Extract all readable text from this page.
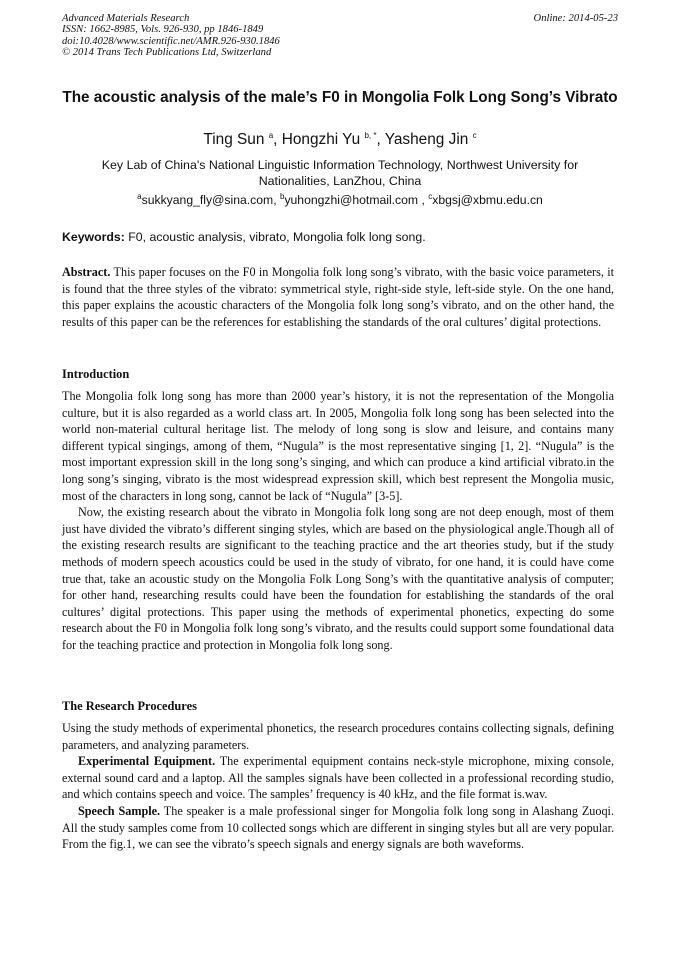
Advanced Materials Research	Online: 2014-05-23
ISSN: 1662-8985, Vols. 926-930, pp 1846-1849
doi:10.4028/www.scientific.net/AMR.926-930.1846
© 2014 Trans Tech Publications Ltd, Switzerland
The acoustic analysis of the male’s F0 in Mongolia Folk Long Song’s Vibrato
Ting Sun $^a$, Hongzhi Yu $^{b, *}$, Yasheng Jin $^c$
Key Lab of China's National Linguistic Information Technology, Northwest University for Nationalities, LanZhou, China
$^a$sukkyang_fly@sina.com, $^b$yuhongzhi@hotmail.com , $^c$xbgsj@xbmu.edu.cn
Keywords: F0, acoustic analysis, vibrato, Mongolia folk long song.

Abstract. This paper focuses on the F0 in Mongolia folk long song’s vibrato, with the basic voice parameters, it is found that the three styles of the vibrato: symmetrical style, right-side style, left-side style. On the one hand, this paper explains the acoustic characters of the Mongolia folk long song’s vibrato, and on the other hand, the results of this paper can be the references for establishing the standards of the oral cultures’ digital protections.

Introduction

The Mongolia folk long song has more than 2000 year’s history, it is not the representation of the Mongolia culture, but it is also regarded as a world class art. In 2005, Mongolia folk long song has been selected into the world non-material cultural heritage list. The melody of long song is slow and leisure, and contains many different typical singings, among of them, “Nugula” is the most representative singing [1, 2]. “Nugula” is the most important expression skill in the long song’s singing, and which can produce a kind artificial vibrato.in the long song’s singing, vibrato is the most widespread expression skill, which best represent the Mongolia music, most of the characters in long song, cannot be lack of “Nugula” [3-5].

Now, the existing research about the vibrato in Mongolia folk long song are not deep enough, most of them just have divided the vibrato’s different singing styles, which are based on the physiological angle.Though all of the existing research results are significant to the teaching practice and the art theories study, but if the study methods of modern speech acoustics could be used in the study of vibrato, for one hand, it is could have come true that, take an acoustic study on the Mongolia Folk Long Song’s with the quantitative analysis of computer; for other hand, researching results could have been the foundation for establishing the standards of the oral cultures’ digital protections. This paper using the methods of experimental phonetics, expecting do some research about the F0 in Mongolia folk long song’s vibrato, and the results could support some foundational data for the teaching practice and protection in Mongolia folk long song.

The Research Procedures

Using the study methods of experimental phonetics, the research procedures contains collecting signals, defining parameters, and analyzing parameters.

Experimental Equipment. The experimental equipment contains neck-style microphone, mixing console, external sound card and a laptop. All the samples signals have been collected in a professional recording studio, and which contains speech and voice. The samples’ frequency is 40 kHz, and the file format is.wav.

Speech Sample. The speaker is a male professional singer for Mongolia folk long song in Alashang Zuoqi. All the study samples come from 10 collected songs which are different in singing styles but all are very popular. From the fig.1, we can see the vibrato’s speech signals and energy signals are both waveforms.
